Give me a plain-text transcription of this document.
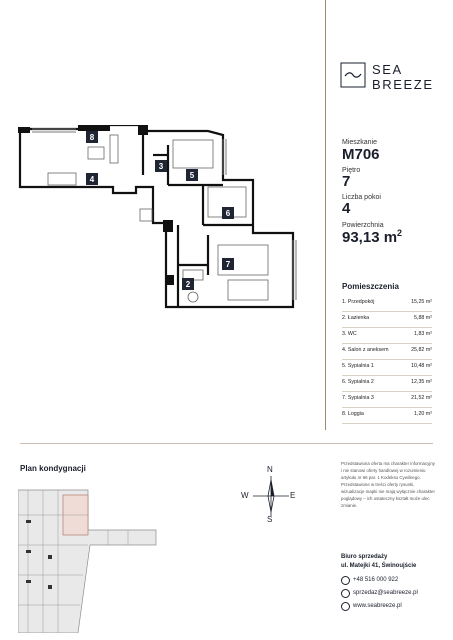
SEA
BREEZE
Mieszkanie
M706
Piętro
7
Liczba pokoi
4
Powierzchnia
93,13 $m^2$
Pomieszczenia
1. Przedpokój	15,25 m²
2. Łazienka	5,88 m²
3. WC	1,83 m²
4. Salon z aneksem	25,82 m²
5. Sypialnia 1	10,48 m²
6. Sypialnia 2	12,35 m²
7. Sypialnia 3	21,52 m²
8. Loggia	1,20 m²
8
4
3
5
6
7
2
Plan kondygnacji	N
S
W	E
Przedstawiona oferta ma charakter informacyjny i nie stanowi oferty handlowej w rozumieniu artykułu nr 66 par. 1 Kodeksu Cywilnego. Przedstawione w treści oferty rysunki, wizualizacje mapki nie mają wyłącznie charakter poglądowy – ich ostateczny kształt może ulec zmianie.
Biuro sprzedaży
ul. Matejki 41, Świnoujście
+48 516 000 922
sprzedaz@seabreeze.pl
www.seabreeze.pl
